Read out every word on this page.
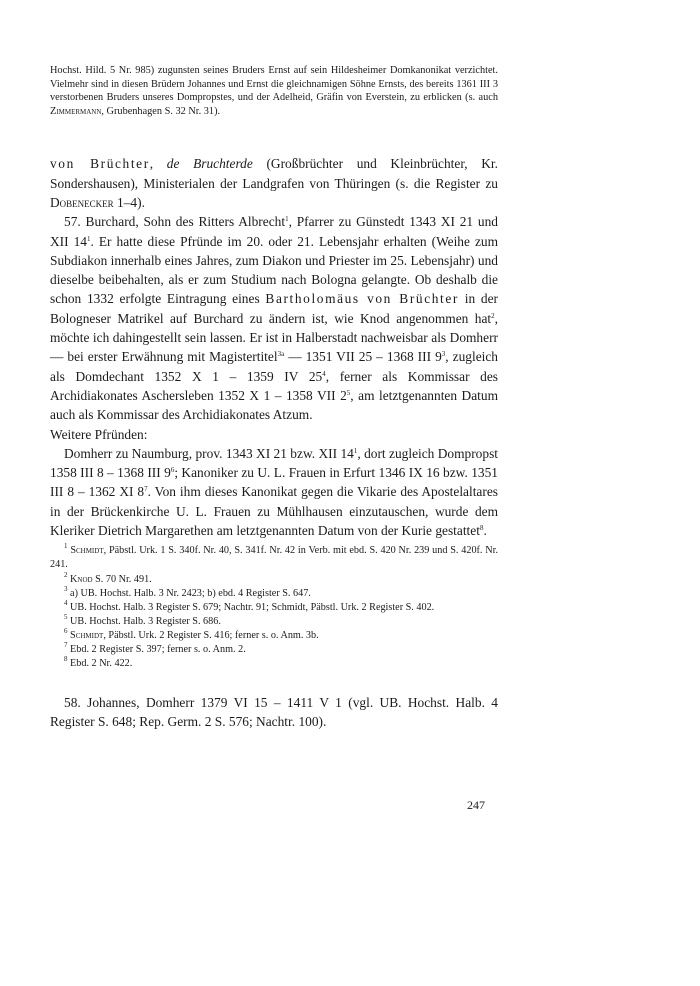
Hochst. Hild. 5 Nr. 985) zugunsten seines Bruders Ernst auf sein Hildesheimer Domkanonikat verzichtet. Vielmehr sind in diesen Brüdern Johannes und Ernst die gleichnamigen Söhne Ernsts, des bereits 1361 III 3 verstorbenen Bruders unseres Dompropstes, und der Adelheid, Gräfin von Everstein, zu erblicken (s. auch Zimmermann, Grubenhagen S. 32 Nr. 31).

von Brüchter, de Bruchterde (Großbrüchter und Kleinbrüchter, Kr. Sondershausen), Ministerialen der Landgrafen von Thüringen (s. die Register zu Dobenecker 1–4).

57. Burchard, Sohn des Ritters Albrecht$^1$, Pfarrer zu Günstedt 1343 XI 21 und XII $14^1$. Er hatte diese Pfründe im 20. oder 21. Lebensjahr erhalten (Weihe zum Subdiakon innerhalb eines Jahres, zum Diakon und Priester im 25. Lebensjahr) und dieselbe beibehalten, als er zum Studium nach Bologna gelangte. Ob deshalb die schon 1332 erfolgte Eintragung eines Bartholomäus von Brüchter in der Bologneser Matrikel auf Burchard zu ändern ist, wie Knod angenommen hat$^2$, möchte ich dahingestellt sein lassen. Er ist in Halberstadt nachweisbar als Domherr — bei erster Erwähnung mit Magistertitel$^{3a}$ — 1351 VII 25 – 1368 III $9^3$, zugleich als Domdechant 1352 X 1 – 1359 IV $25^4$, ferner als Kommissar des Archidiakonates Aschersleben 1352 X 1 – 1358 VII $2^5$, am letztgenannten Datum auch als Kommissar des Archidiakonates Atzum.

Weitere Pfründen:

Domherr zu Naumburg, prov. 1343 XI 21 bzw. XII $14^1$, dort zugleich Dompropst 1358 III 8 – 1368 III $9^6$; Kanoniker zu U. L. Frauen in Erfurt 1346 IX 16 bzw. 1351 III 8 – 1362 XI $8^7$. Von ihm dieses Kanonikat gegen die Vikarie des Apostelaltares in der Brückenkirche U. L. Frauen zu Mühlhausen einzutauschen, wurde dem Kleriker Dietrich Margarethen am letztgenannten Datum von der Kurie gestattet$^8$.

$^1$ Schmidt, Päbstl. Urk. 1 S. 340f. Nr. 40, S. 341f. Nr. 42 in Verb. mit ebd. S. 420 Nr. 239 und S. 420f. Nr. 241.

$^2$ Knod S. 70 Nr. 491.

$^3$ a) UB. Hochst. Halb. 3 Nr. 2423; b) ebd. 4 Register S. 647.

$^4$ UB. Hochst. Halb. 3 Register S. 679; Nachtr. 91; Schmidt, Päbstl. Urk. 2 Register S. 402.

$^5$ UB. Hochst. Halb. 3 Register S. 686.

$^6$ Schmidt, Päbstl. Urk. 2 Register S. 416; ferner s. o. Anm. 3b.

$^7$ Ebd. 2 Register S. 397; ferner s. o. Anm. 2.

$^8$ Ebd. 2 Nr. 422.

58. Johannes, Domherr 1379 VI 15 – 1411 V 1 (vgl. UB. Hochst. Halb. 4 Register S. 648; Rep. Germ. 2 S. 576; Nachtr. 100).

247
